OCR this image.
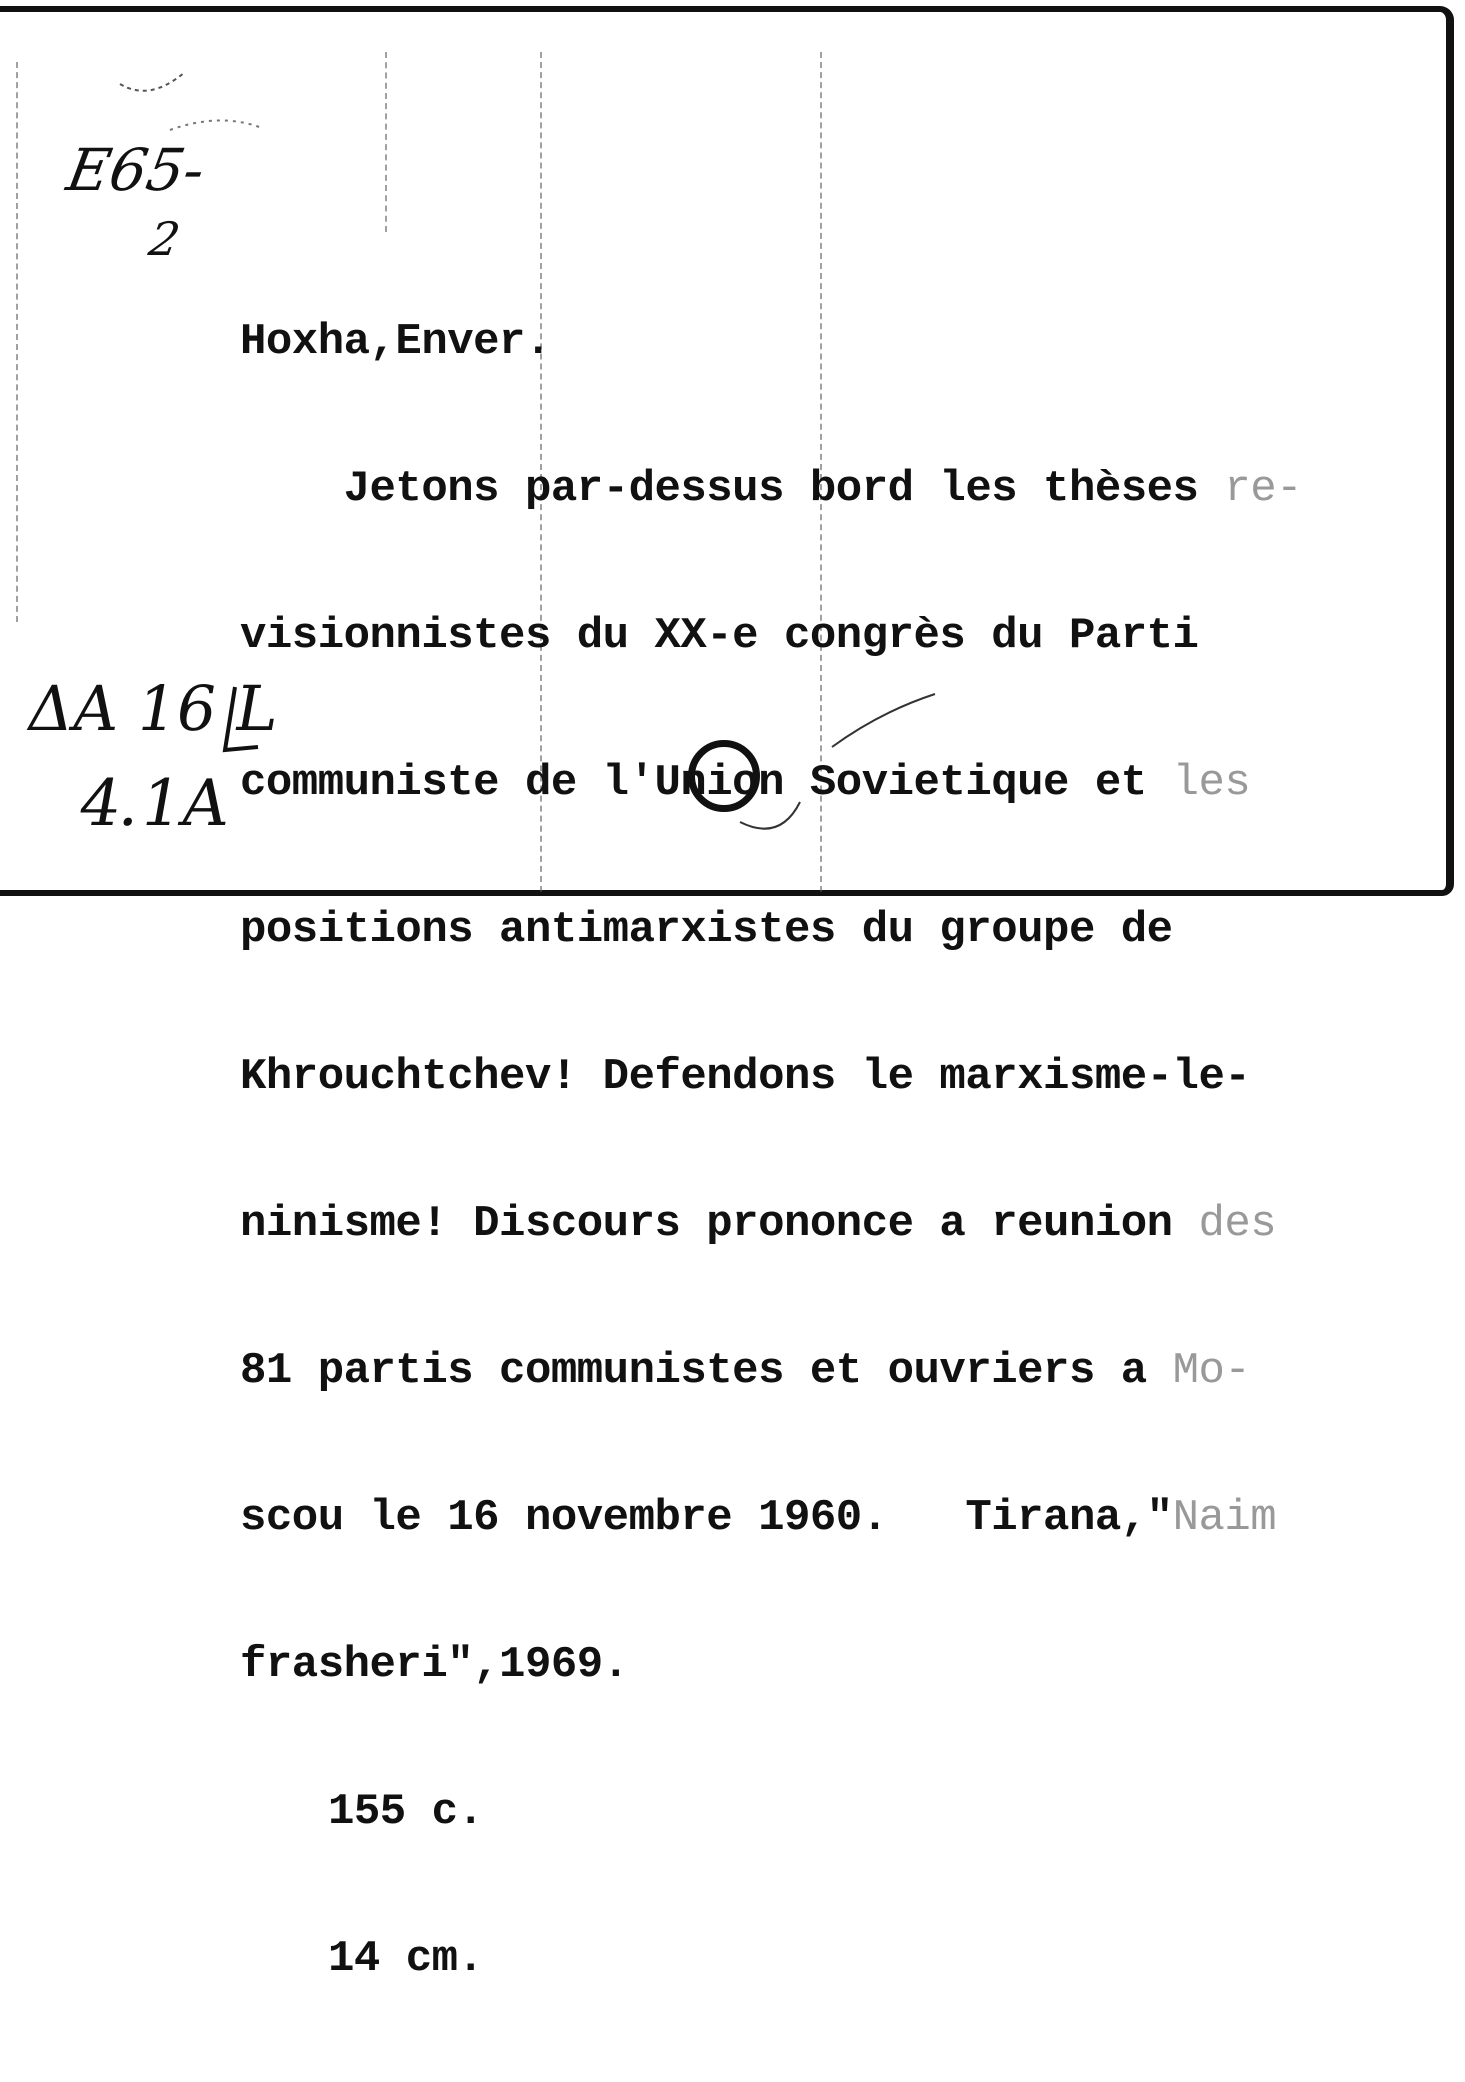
E65-
2
ΔA 16 L
4.1A

Hoxha,Enver.

Jetons par-dessus bord les thèses re-

visionnistes du XX-e congrès du Parti

communiste de l'Union Sovietique et les

positions antimarxistes du groupe de

Khrouchtchev! Defendons le marxisme-le-

ninisme! Discours prononce a reunion des

81 partis communistes et ouvriers a Mo-

scou le 16 novembre 1960.   Tirana,"Naim

frasheri",1969.

155 c.

14 cm.
